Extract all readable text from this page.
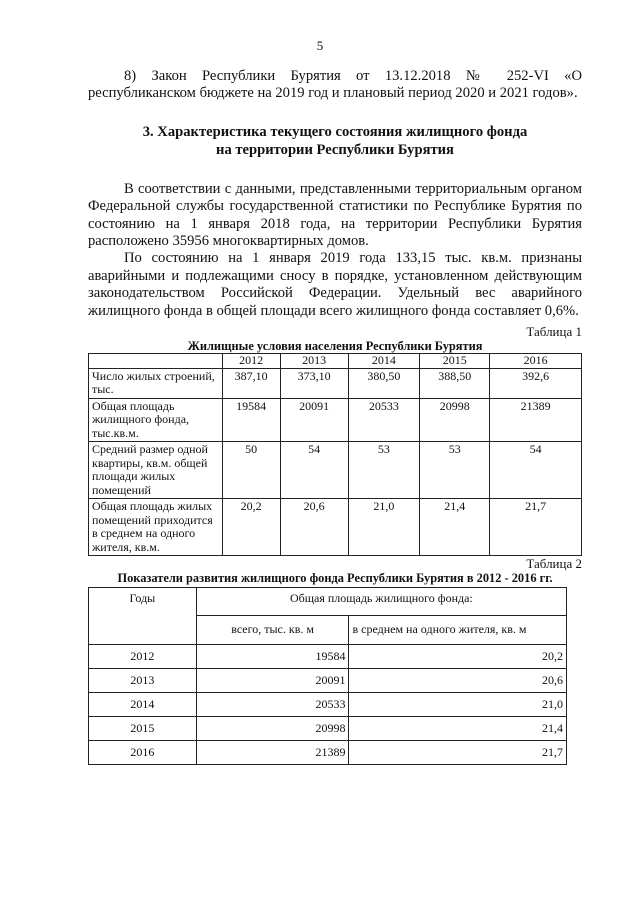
5

8) Закон Республики Бурятия от 13.12.2018 № 252-VI «О республиканском бюджете на 2019 год и плановый период 2020 и 2021 годов».

3. Характеристика текущего состояния жилищного фонда
на территории Республики Бурятия

В соответствии с данными, представленными территориальным органом Федеральной службы государственной статистики по Республике Бурятия по состоянию на 1 января 2018 года, на территории Республики Бурятия расположено 35956 многоквартирных домов.

По состоянию на 1 января 2019 года 133,15 тыс. кв.м. признаны аварийными и подлежащими сносу в порядке, установленном действующим законодательством Российской Федерации. Удельный вес аварийного жилищного фонда в общей площади всего жилищного фонда составляет 0,6%.

Таблица 1
Жилищные условия населения Республики Бурятия
	2012	2013	2014	2015	2016
Число жилых строений, тыс.	387,10	373,10	380,50	388,50	392,6
Общая площадь жилищного фонда, тыс.кв.м.	19584	20091	20533	20998	21389
Средний размер одной квартиры, кв.м. общей площади жилых помещений	50	54	53	53	54
Общая площадь жилых помещений приходится в среднем на одного жителя, кв.м.	20,2	20,6	21,0	21,4	21,7
Таблица 2
Показатели развития жилищного фонда Республики Бурятия в 2012 - 2016 гг.
Годы	Общая площадь жилищного фонда:	
	всего, тыс. кв. м	в среднем на одного жителя, кв. м
2012	19584	20,2
2013	20091	20,6
2014	20533	21,0
2015	20998	21,4
2016	21389	21,7
